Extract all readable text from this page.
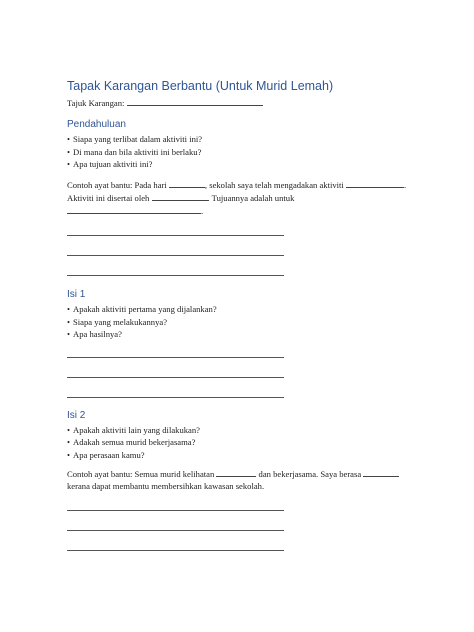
Tapak Karangan Berbantu (Untuk Murid Lemah)
Tajuk Karangan:
Pendahuluan
• Siapa yang terlibat dalam aktiviti ini?
• Di mana dan bila aktiviti ini berlaku?
• Apa tujuan aktiviti ini?
Contoh ayat bantu: Pada hari	, sekolah saya telah mengadakan aktiviti	. Aktiviti ini disertai oleh	. Tujuannya adalah untuk .
Isi 1
• Apakah aktiviti pertama yang dijalankan?
• Siapa yang melakukannya?
• Apa hasilnya?
Isi 2
• Apakah aktiviti lain yang dilakukan?
• Adakah semua murid bekerjasama?
• Apa perasaan kamu?
Contoh ayat bantu: Semua murid kelihatan	dan bekerjasama. Saya berasa  kerana dapat membantu membersihkan kawasan sekolah.
